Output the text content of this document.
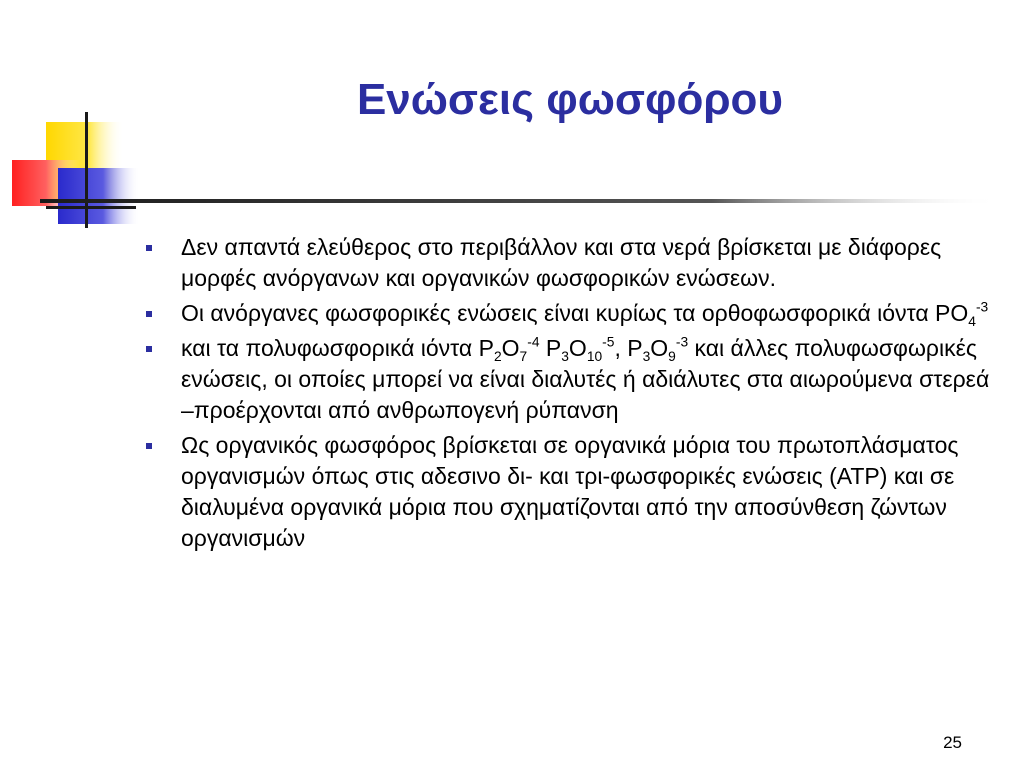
Ενώσεις φωσφόρου
Δεν απαντά ελεύθερος στο περιβάλλον και στα νερά βρίσκεται με διάφορες μορφές ανόργανων και οργανικών φωσφορικών ενώσεων.
Οι ανόργανες φωσφορικές ενώσεις είναι κυρίως τα ορθοφωσφορικά ιόντα $PO_4^{-3}$
και τα πολυφωσφορικά ιόντα $P_2O_7^{-4}$ $P_3O_{10}^{-5}$, $P_3O_9^{-3}$ και άλλες πολυφωσφωρικές ενώσεις, οι οποίες μπορεί να είναι διαλυτές ή αδιάλυτες στα αιωρούμενα στερεά –προέρχονται από ανθρωπογενή ρύπανση
Ως οργανικός φωσφόρος βρίσκεται σε οργανικά μόρια του πρωτοπλάσματος οργανισμών όπως στις αδεσινο δι- και τρι-φωσφορικές ενώσεις (ATP) και σε διαλυμένα οργανικά μόρια που σχηματίζονται από την αποσύνθεση ζώντων οργανισμών
25
